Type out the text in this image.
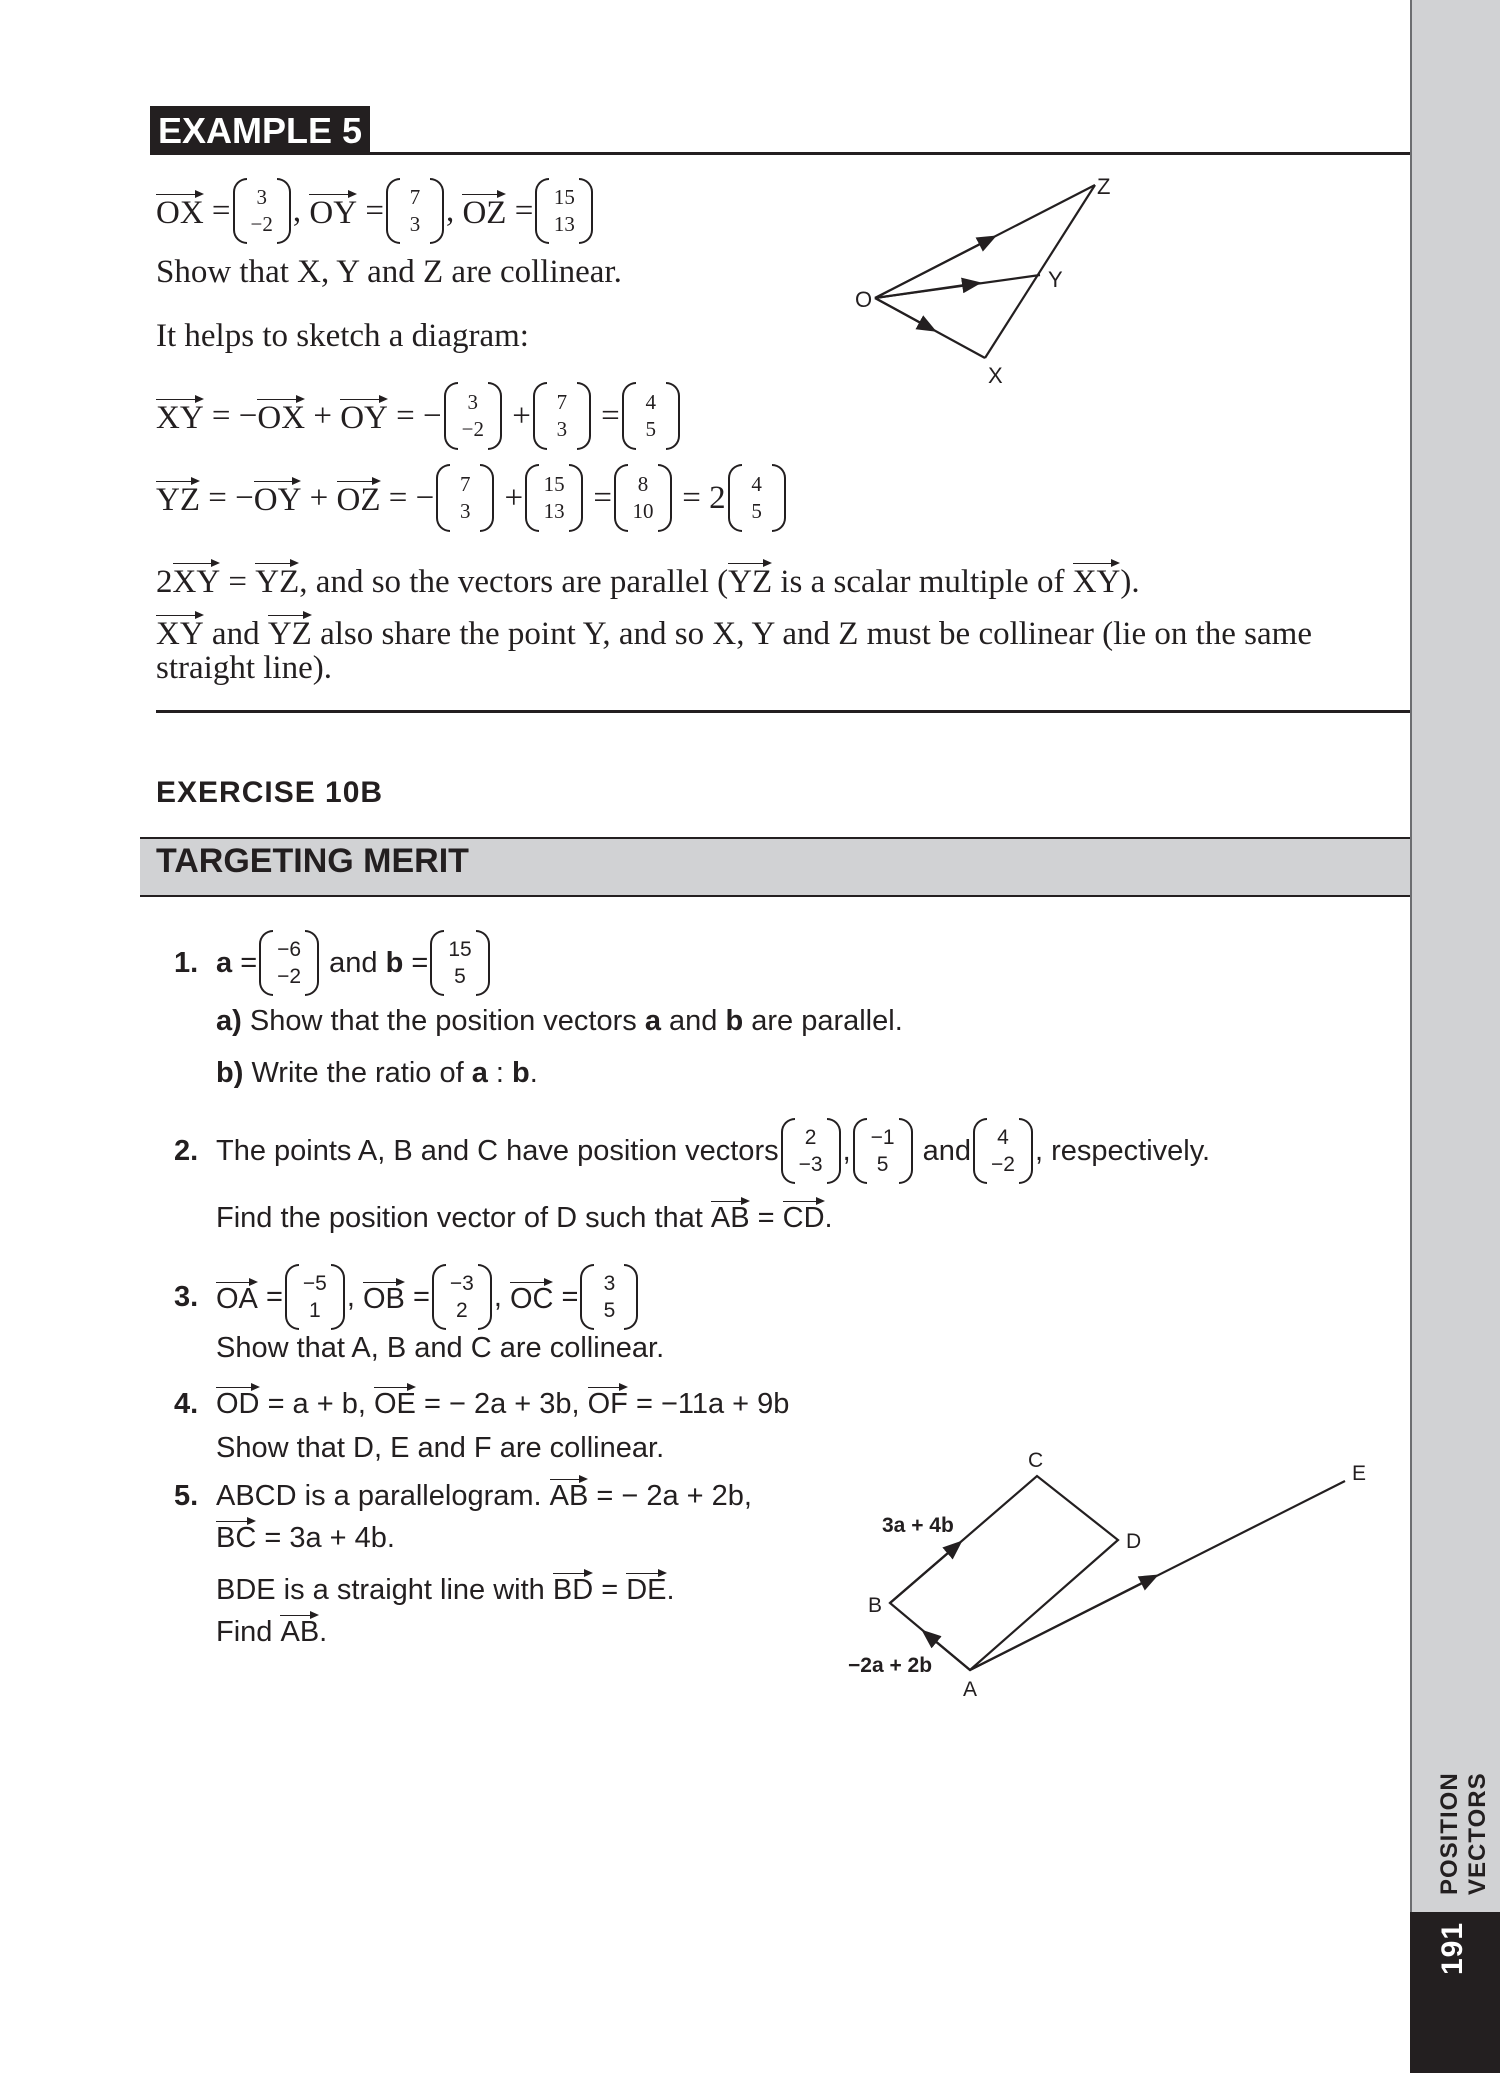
POSITION VECTORS
191
EXAMPLE 5
OX = 3
−2 , OY = 7
3 , OZ = 15
13
Show that X, Y and Z are collinear.
It helps to sketch a diagram:
XY = − OX + OY = − 3
−2 + 7
3 = 4
5
YZ = − OY + OZ = − 7
3 + 15
13 = 8
10 = 2 4
5
2XY = YZ, and so the vectors are parallel (YZ is a scalar multiple of XY).
XY and YZ also share the point Y, and so X, Y and Z must be collinear (lie on the same
straight line).
O
X
Y
Z
EXERCISE 10B
TARGETING MERIT
1. a = −6
−2
and
b = 15
5
a) Show that the position vectors a and b are parallel.
b) Write the ratio of a : b.
2. The points A, B and C have position vectors 2
−3 , −1
5
and 4
−2 , respectively.
Find the position vector of D such that AB = CD.
3. OA = −5
1 , OB = −3
2 , OC = 3
5
Show that A, B and C are collinear.
4. OD = a + b, OE = − 2a + 3b, OF = −11a + 9b
Show that D, E and F are collinear.
5. ABCD is a parallelogram. AB = − 2a + 2b,
BC = 3a + 4b.
BDE is a straight line with BD = DE.
Find AB.
A
B
C
D
E
3a + 4b
−2a + 2b
